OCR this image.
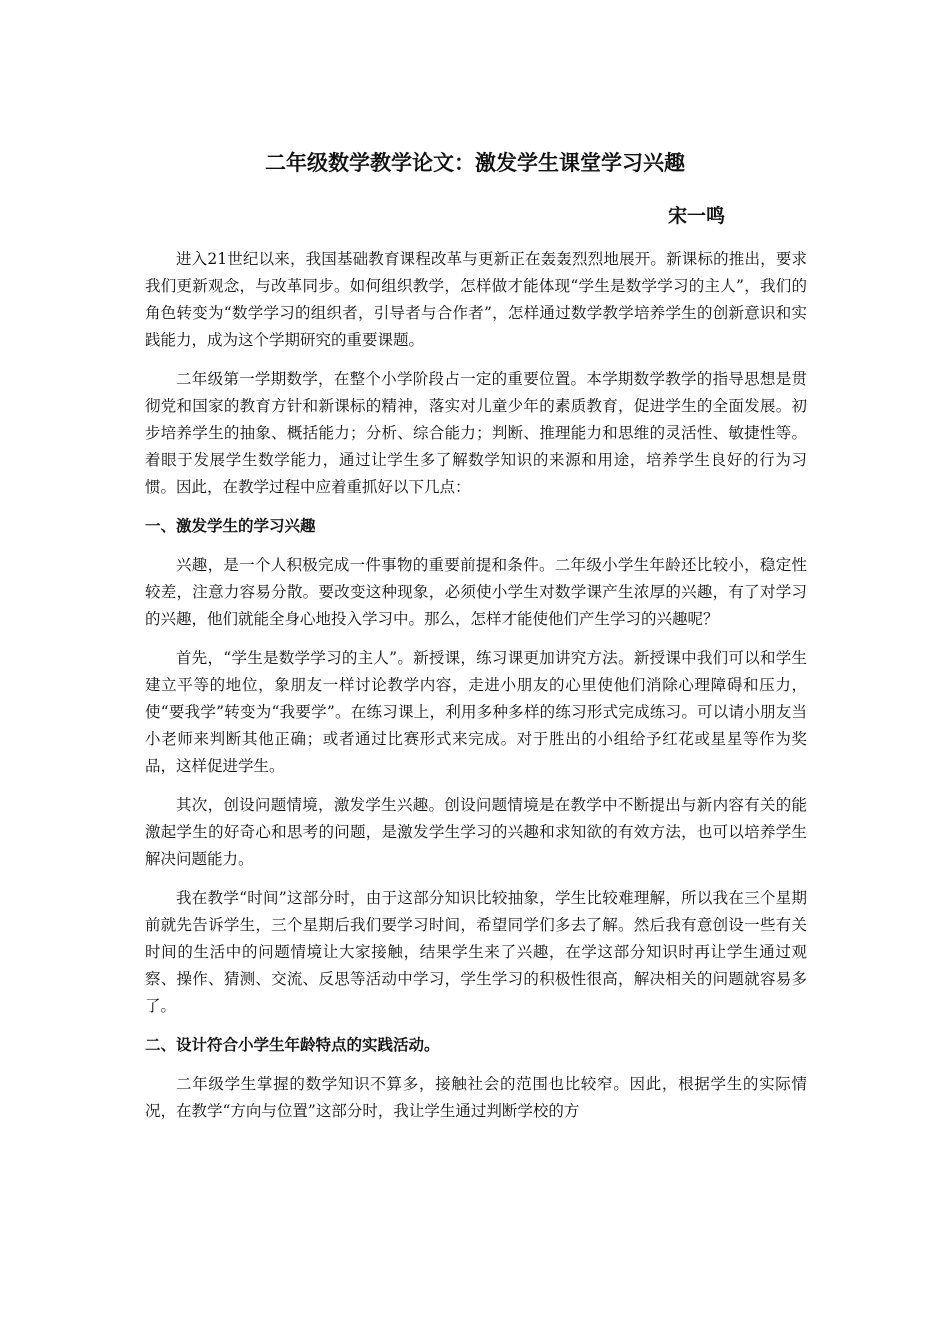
二年级数学教学论文：激发学生课堂学习兴趣
宋一鸣

进入21世纪以来，我国基础教育课程改革与更新正在轰轰烈烈地展开。新课标的推出，要求我们更新观念，与改革同步。如何组织教学，怎样做才能体现“学生是数学学习的主人”，我们的角色转变为“数学学习的组织者，引导者与合作者”，怎样通过数学教学培养学生的创新意识和实践能力，成为这个学期研究的重要课题。

二年级第一学期数学，在整个小学阶段占一定的重要位置。本学期数学教学的指导思想是贯彻党和国家的教育方针和新课标的精神，落实对儿童少年的素质教育，促进学生的全面发展。初步培养学生的抽象、概括能力；分析、综合能力；判断、推理能力和思维的灵活性、敏捷性等。着眼于发展学生数学能力，通过让学生多了解数学知识的来源和用途，培养学生良好的行为习惯。因此，在教学过程中应着重抓好以下几点：

一、激发学生的学习兴趣

兴趣，是一个人积极完成一件事物的重要前提和条件。二年级小学生年龄还比较小，稳定性较差，注意力容易分散。要改变这种现象，必须使小学生对数学课产生浓厚的兴趣，有了对学习的兴趣，他们就能全身心地投入学习中。那么，怎样才能使他们产生学习的兴趣呢？

首先，“学生是数学学习的主人”。新授课，练习课更加讲究方法。新授课中我们可以和学生建立平等的地位，象朋友一样讨论教学内容，走进小朋友的心里使他们消除心理障碍和压力，使“要我学”转变为“我要学”。在练习课上，利用多种多样的练习形式完成练习。可以请小朋友当小老师来判断其他正确；或者通过比赛形式来完成。对于胜出的小组给予红花或星星等作为奖品，这样促进学生。

其次，创设问题情境，激发学生兴趣。创设问题情境是在教学中不断提出与新内容有关的能激起学生的好奇心和思考的问题，是激发学生学习的兴趣和求知欲的有效方法，也可以培养学生解决问题能力。

我在教学“时间”这部分时，由于这部分知识比较抽象，学生比较难理解，所以我在三个星期前就先告诉学生，三个星期后我们要学习时间，希望同学们多去了解。然后我有意创设一些有关时间的生活中的问题情境让大家接触，结果学生来了兴趣，在学这部分知识时再让学生通过观察、操作、猜测、交流、反思等活动中学习，学生学习的积极性很高，解决相关的问题就容易多了。

二、设计符合小学生年龄特点的实践活动。

二年级学生掌握的数学知识不算多，接触社会的范围也比较窄。因此，根据学生的实际情况，在教学“方向与位置”这部分时，我让学生通过判断学校的方
